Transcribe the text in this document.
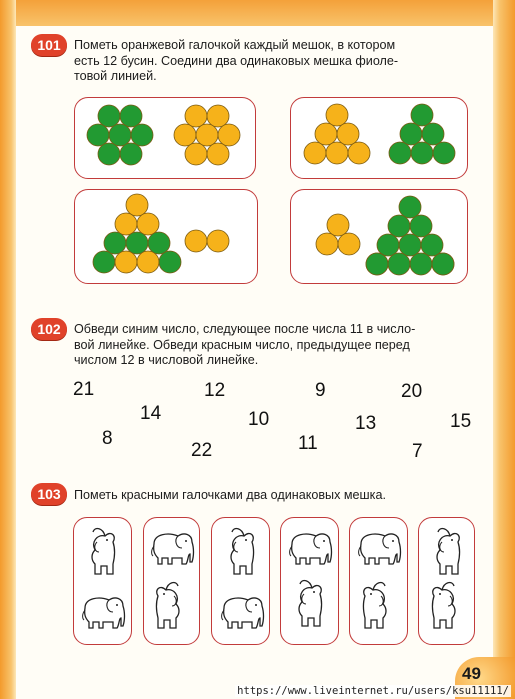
101	Пометь оранжевой галочкой каждый мешок, в котором
есть 12 бусин. Соедини два одинаковых мешка фиоле-
товой линией.
102	Обведи синим число, следующее после числа 11 в число-
вой линейке. Обведи красным число, предыдущее перед
числом 12 в числовой линейке.
21	12	9	20
14	10	13	15
8
22	11	7
103	Пометь красными галочками два одинаковых мешка.
49
https://www.liveinternet.ru/users/ksu11111/
